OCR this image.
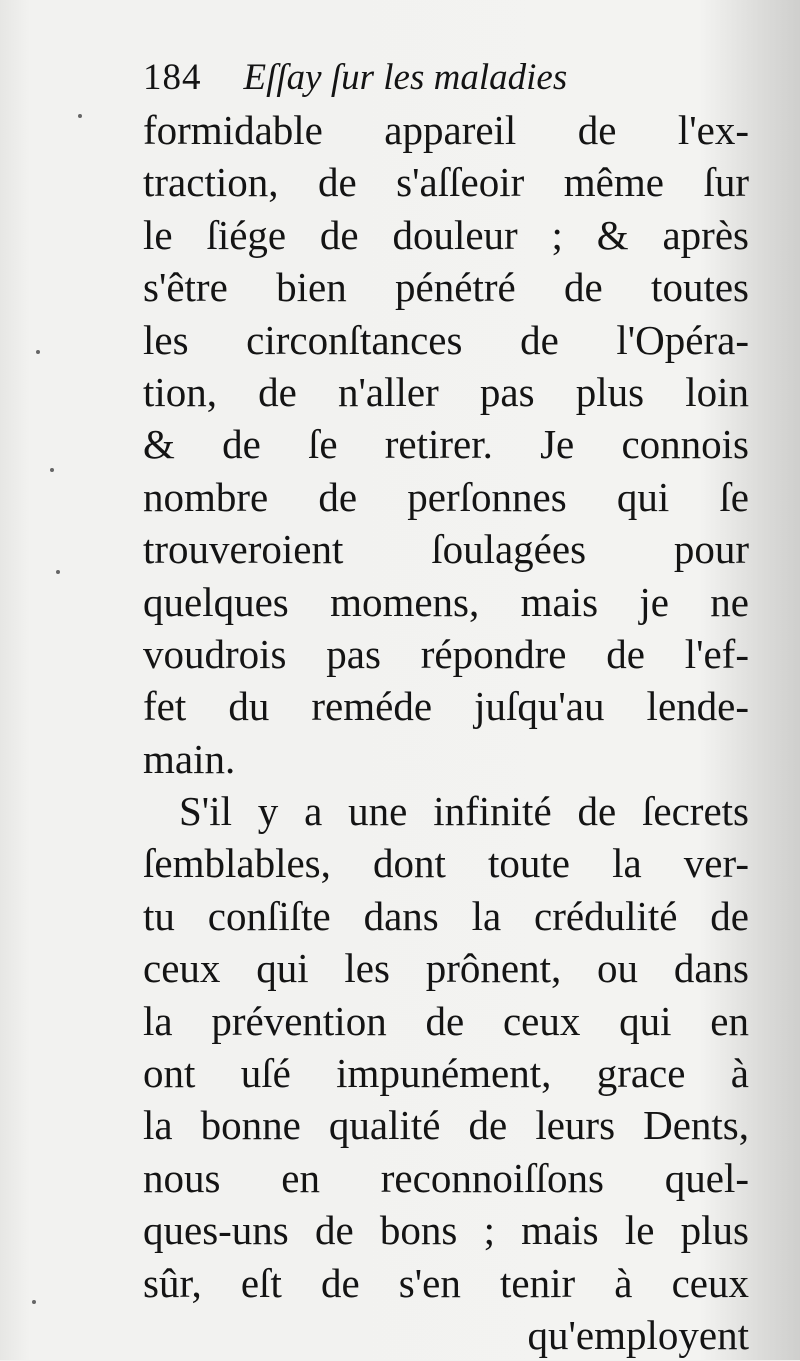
184 Eſſay ſur les maladies
formidable appareil de l'ex-
traction, de s'aſſeoir même ſur
le ſiége de douleur ; & après
s'être bien pénétré de toutes
les circonſtances de l'Opéra-
tion, de n'aller pas plus loin
& de ſe retirer. Je connois
nombre de perſonnes qui ſe
trouveroient ſoulagées pour
quelques momens, mais je ne
voudrois pas répondre de l'ef-
fet du reméde juſqu'au lende-
main.
S'il y a une infinité de ſecrets
ſemblables, dont toute la ver-
tu conſiſte dans la crédulité de
ceux qui les prônent, ou dans
la prévention de ceux qui en
ont uſé impunément, grace à
la bonne qualité de leurs Dents,
nous en reconnoiſſons quel-
ques-uns de bons ; mais le plus
sûr, eſt de s'en tenir à ceux
qu'employent
